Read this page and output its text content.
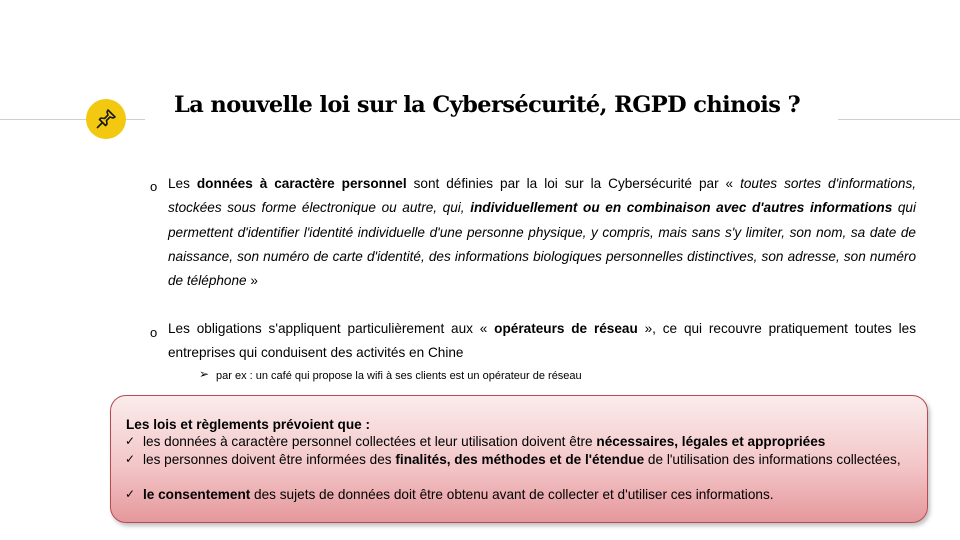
La nouvelle loi sur la Cybersécurité, RGPD chinois ?
o Les données à caractère personnel sont définies par la loi sur la Cybersécurité par « toutes sortes d'informations, stockées sous forme électronique ou autre, qui, individuellement ou en combinaison avec d'autres informations qui permettent d'identifier l'identité individuelle d'une personne physique, y compris, mais sans s'y limiter, son nom, sa date de naissance, son numéro de carte d'identité, des informations biologiques personnelles distinctives, son adresse, son numéro de téléphone »
o Les obligations s'appliquent particulièrement aux « opérateurs de réseau », ce qui recouvre pratiquement toutes les entreprises qui conduisent des activités en Chine
➢ par ex : un café qui propose la wifi à ses clients est un opérateur de réseau
Les lois et règlements prévoient que :
✓ les données à caractère personnel collectées et leur utilisation doivent être nécessaires, légales et appropriées
✓ les personnes doivent être informées des finalités, des méthodes et de l'étendue de l'utilisation des informations collectées,
✓ le consentement des sujets de données doit être obtenu avant de collecter et d'utiliser ces informations.
